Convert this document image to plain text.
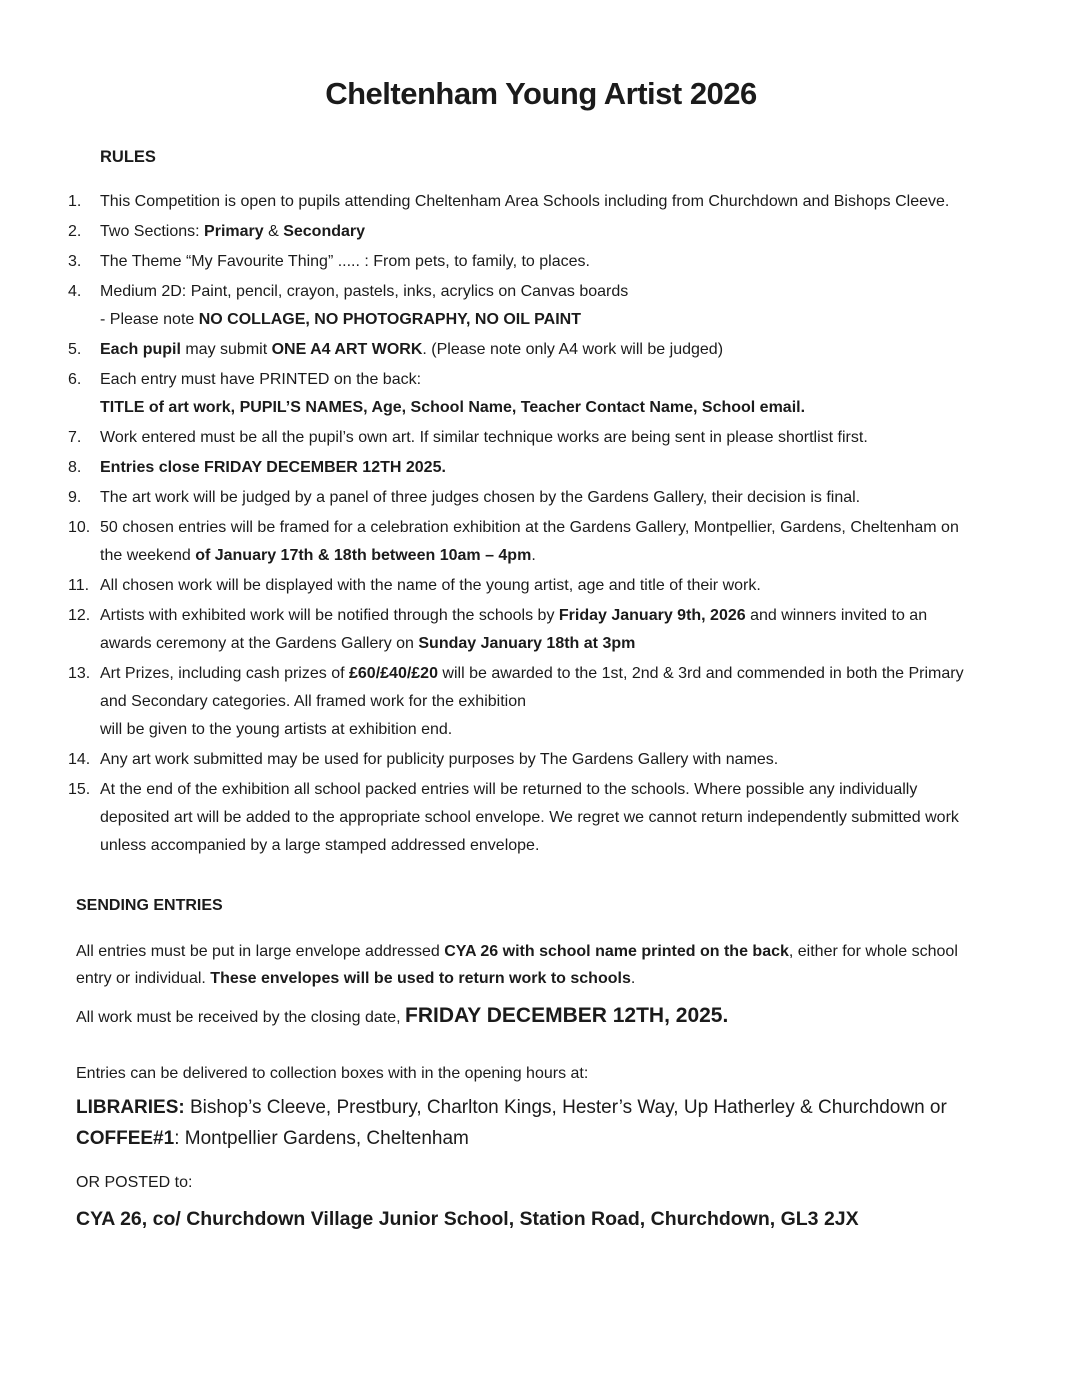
Cheltenham Young Artist 2026
RULES
1.	This Competition is open to pupils attending Cheltenham Area Schools including from Churchdown and Bishops Cleeve.
2.	Two Sections: Primary & Secondary
3.	The Theme “My Favourite Thing” ..... : From pets, to family, to places.
4.	Medium 2D: Paint, pencil, crayon, pastels, inks, acrylics on Canvas boards
- Please note NO COLLAGE, NO PHOTOGRAPHY, NO OIL PAINT
5.	Each pupil may submit ONE A4 ART WORK. (Please note only A4 work will be judged)
6.	Each entry must have PRINTED on the back:
TITLE of art work, PUPIL’S NAMES, Age, School Name, Teacher Contact Name, School email.
7.	Work entered must be all the pupil’s own art. If similar technique works are being sent in please shortlist first.
8.	Entries close FRIDAY DECEMBER 12TH 2025.
9.	The art work will be judged by a panel of three judges chosen by the Gardens Gallery, their decision is final.
10. 50 chosen entries will be framed for a celebration exhibition at the Gardens Gallery, Montpellier, Gardens, Cheltenham on the weekend of January 17th & 18th between 10am – 4pm.
11. All chosen work will be displayed with the name of the young artist, age and title of their work.
12. Artists with exhibited work will be notified through the schools by Friday January 9th, 2026 and winners invited to an awards ceremony at the Gardens Gallery on Sunday January 18th at 3pm
13. Art Prizes, including cash prizes of £60/£40/£20 will be awarded to the 1st, 2nd & 3rd and commended in both the Primary and Secondary categories. All framed work for the exhibition
will be given to the young artists at exhibition end.
14. Any art work submitted may be used for publicity purposes by The Gardens Gallery with names.
15. At the end of the exhibition all school packed entries will be returned to the schools. Where possible any individually deposited art will be added to the appropriate school envelope. We regret we cannot return independently submitted work unless accompanied by a large stamped addressed envelope.
SENDING ENTRIES

All entries must be put in large envelope addressed CYA 26 with school name printed on the back, either for whole school entry or individual. These envelopes will be used to return work to schools.

All work must be received by the closing date, FRIDAY DECEMBER 12TH, 2025.

Entries can be delivered to collection boxes with in the opening hours at:

LIBRARIES: Bishop’s Cleeve, Prestbury, Charlton Kings, Hester’s Way, Up Hatherley & Churchdown or COFFEE#1: Montpellier Gardens, Cheltenham

OR POSTED to:

CYA 26, co/ Churchdown Village Junior School, Station Road, Churchdown, GL3 2JX
